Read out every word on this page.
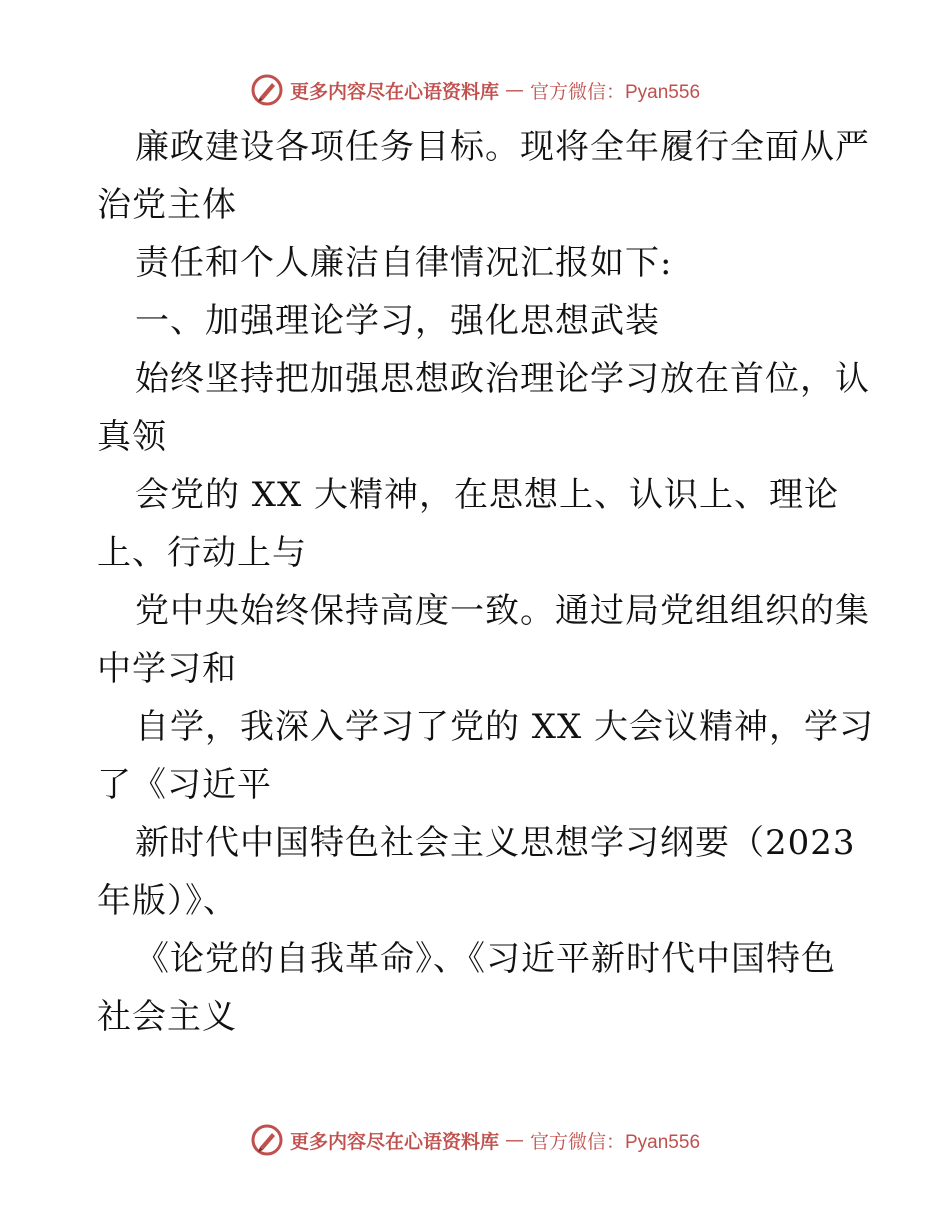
更多内容尽在心语资料库 — 官方微信：Pyan556
廉政建设各项任务目标。现将全年履行全面从严
治党主体
责任和个人廉洁自律情况汇报如下:
一、加强理论学习，强化思想武装
始终坚持把加强思想政治理论学习放在首位，认
真领
会党的 XX 大精神，在思想上、认识上、理论
上、行动上与
党中央始终保持高度一致。通过局党组组织的集
中学习和
自学，我深入学习了党的 XX 大会议精神，学习
了《习近平
新时代中国特色社会主义思想学习纲要（2023
年版）》、
《论党的自我革命》、《习近平新时代中国特色
社会主义
更多内容尽在心语资料库 — 官方微信：Pyan556
